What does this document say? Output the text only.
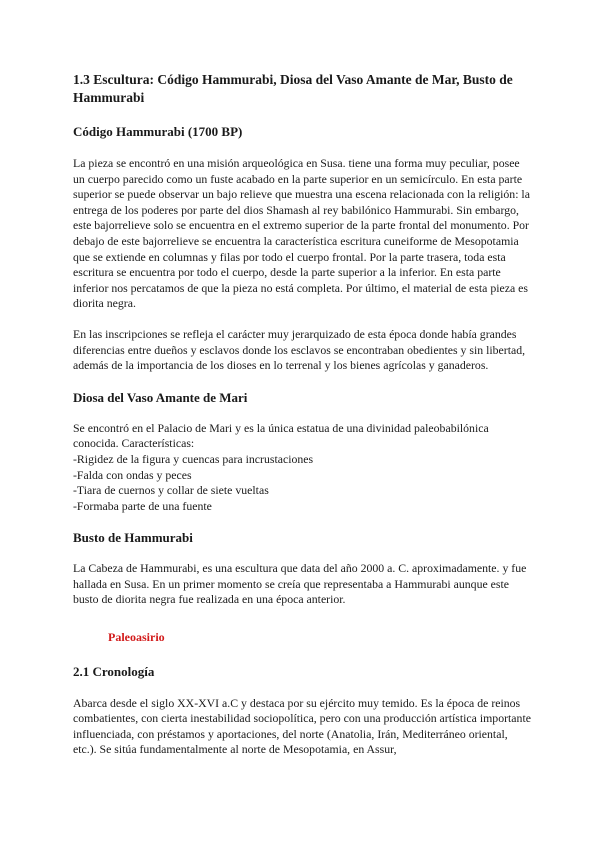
1.3 Escultura: Código Hammurabi, Diosa del Vaso Amante de Mar, Busto de Hammurabi
Código Hammurabi (1700 BP)

La pieza se encontró en una misión arqueológica en Susa. tiene una forma muy peculiar, posee un cuerpo parecido como un fuste acabado en la parte superior en un semicírculo. En esta parte superior se puede observar un bajo relieve que muestra una escena relacionada con la religión: la entrega de los poderes por parte del dios Shamash al rey babilónico Hammurabi. Sin embargo, este bajorrelieve solo se encuentra en el extremo superior de la parte frontal del monumento. Por debajo de este bajorrelieve se encuentra la característica escritura cuneiforme de Mesopotamia que se extiende en columnas y filas por todo el cuerpo frontal. Por la parte trasera, toda esta escritura se encuentra por todo el cuerpo, desde la parte superior a la inferior. En esta parte inferior nos percatamos de que la pieza no está completa. Por último, el material de esta pieza es diorita negra.

En las inscripciones se refleja el carácter muy jerarquizado de esta época donde había grandes diferencias entre dueños y esclavos donde los esclavos se encontraban obedientes y sin libertad, además de la importancia de los dioses en lo terrenal y los bienes agrícolas y ganaderos.

Diosa del Vaso Amante de Mari

Se encontró en el Palacio de Mari y es la única estatua de una divinidad paleobabilónica conocida. Características:

-Rigidez de la figura y cuencas para incrustaciones
-Falda con ondas y peces
-Tiara de cuernos y collar de siete vueltas
-Formaba parte de una fuente
Busto de Hammurabi

La Cabeza de Hammurabi, es una escultura que data del año 2000 a. C. aproximadamente. y fue hallada en Susa. En un primer momento se creía que representaba a Hammurabi aunque este busto de diorita negra fue realizada en una época anterior.

Paleoasirio

2.1 Cronología

Abarca desde el siglo XX-XVI a.C y destaca por su ejército muy temido. Es la época de reinos combatientes, con cierta inestabilidad sociopolítica, pero con una producción artística importante influenciada, con préstamos y aportaciones, del norte (Anatolia, Irán, Mediterráneo oriental, etc.). Se sitúa fundamentalmente al norte de Mesopotamia, en Assur,
